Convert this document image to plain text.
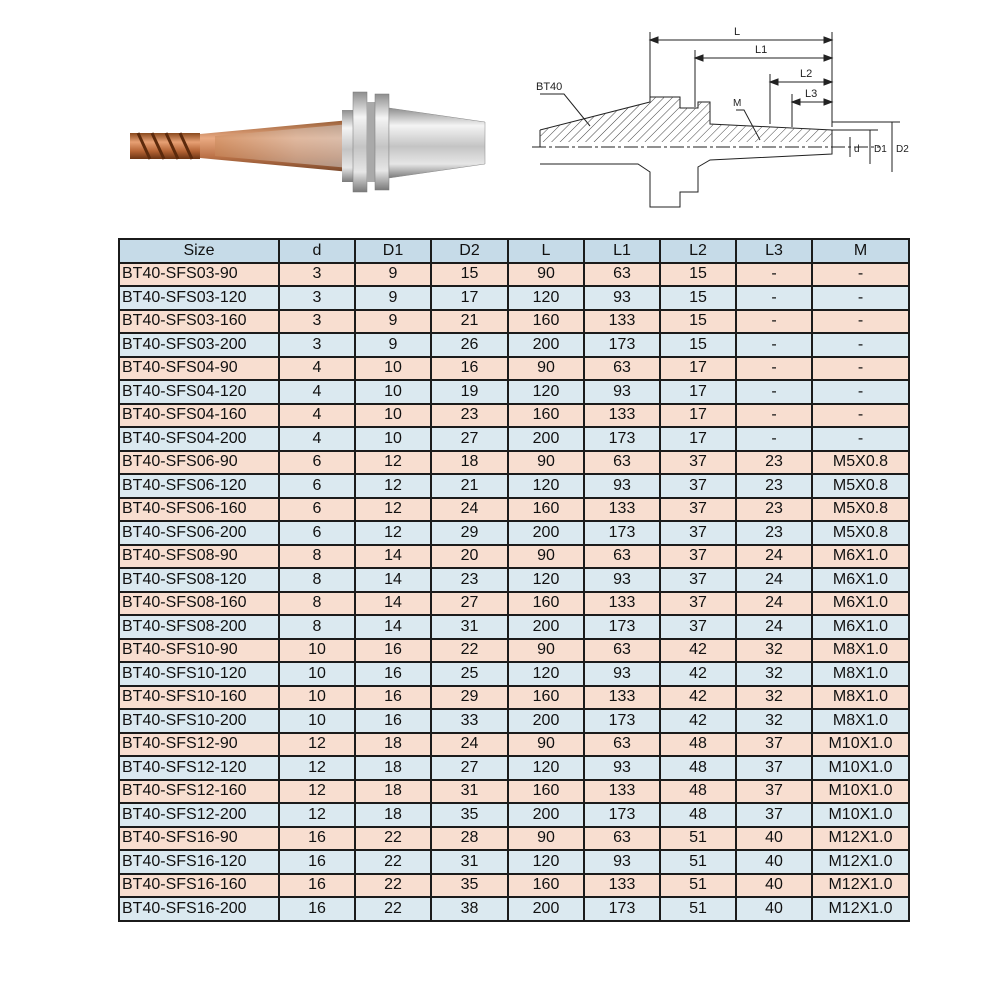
BT40
L
L1
L2
L3
M
d D1 D2
Size	d	D1	D2	L	L1	L2	L3	M
BT40-SFS03-90	3	9	15	90	63	15	-	-
BT40-SFS03-120	3	9	17	120	93	15	-	-
BT40-SFS03-160	3	9	21	160	133	15	-	-
BT40-SFS03-200	3	9	26	200	173	15	-	-
BT40-SFS04-90	4	10	16	90	63	17	-	-
BT40-SFS04-120	4	10	19	120	93	17	-	-
BT40-SFS04-160	4	10	23	160	133	17	-	-
BT40-SFS04-200	4	10	27	200	173	17	-	-
BT40-SFS06-90	6	12	18	90	63	37	23	M5X0.8
BT40-SFS06-120	6	12	21	120	93	37	23	M5X0.8
BT40-SFS06-160	6	12	24	160	133	37	23	M5X0.8
BT40-SFS06-200	6	12	29	200	173	37	23	M5X0.8
BT40-SFS08-90	8	14	20	90	63	37	24	M6X1.0
BT40-SFS08-120	8	14	23	120	93	37	24	M6X1.0
BT40-SFS08-160	8	14	27	160	133	37	24	M6X1.0
BT40-SFS08-200	8	14	31	200	173	37	24	M6X1.0
BT40-SFS10-90	10	16	22	90	63	42	32	M8X1.0
BT40-SFS10-120	10	16	25	120	93	42	32	M8X1.0
BT40-SFS10-160	10	16	29	160	133	42	32	M8X1.0
BT40-SFS10-200	10	16	33	200	173	42	32	M8X1.0
BT40-SFS12-90	12	18	24	90	63	48	37	M10X1.0
BT40-SFS12-120	12	18	27	120	93	48	37	M10X1.0
BT40-SFS12-160	12	18	31	160	133	48	37	M10X1.0
BT40-SFS12-200	12	18	35	200	173	48	37	M10X1.0
BT40-SFS16-90	16	22	28	90	63	51	40	M12X1.0
BT40-SFS16-120	16	22	31	120	93	51	40	M12X1.0
BT40-SFS16-160	16	22	35	160	133	51	40	M12X1.0
BT40-SFS16-200	16	22	38	200	173	51	40	M12X1.0
